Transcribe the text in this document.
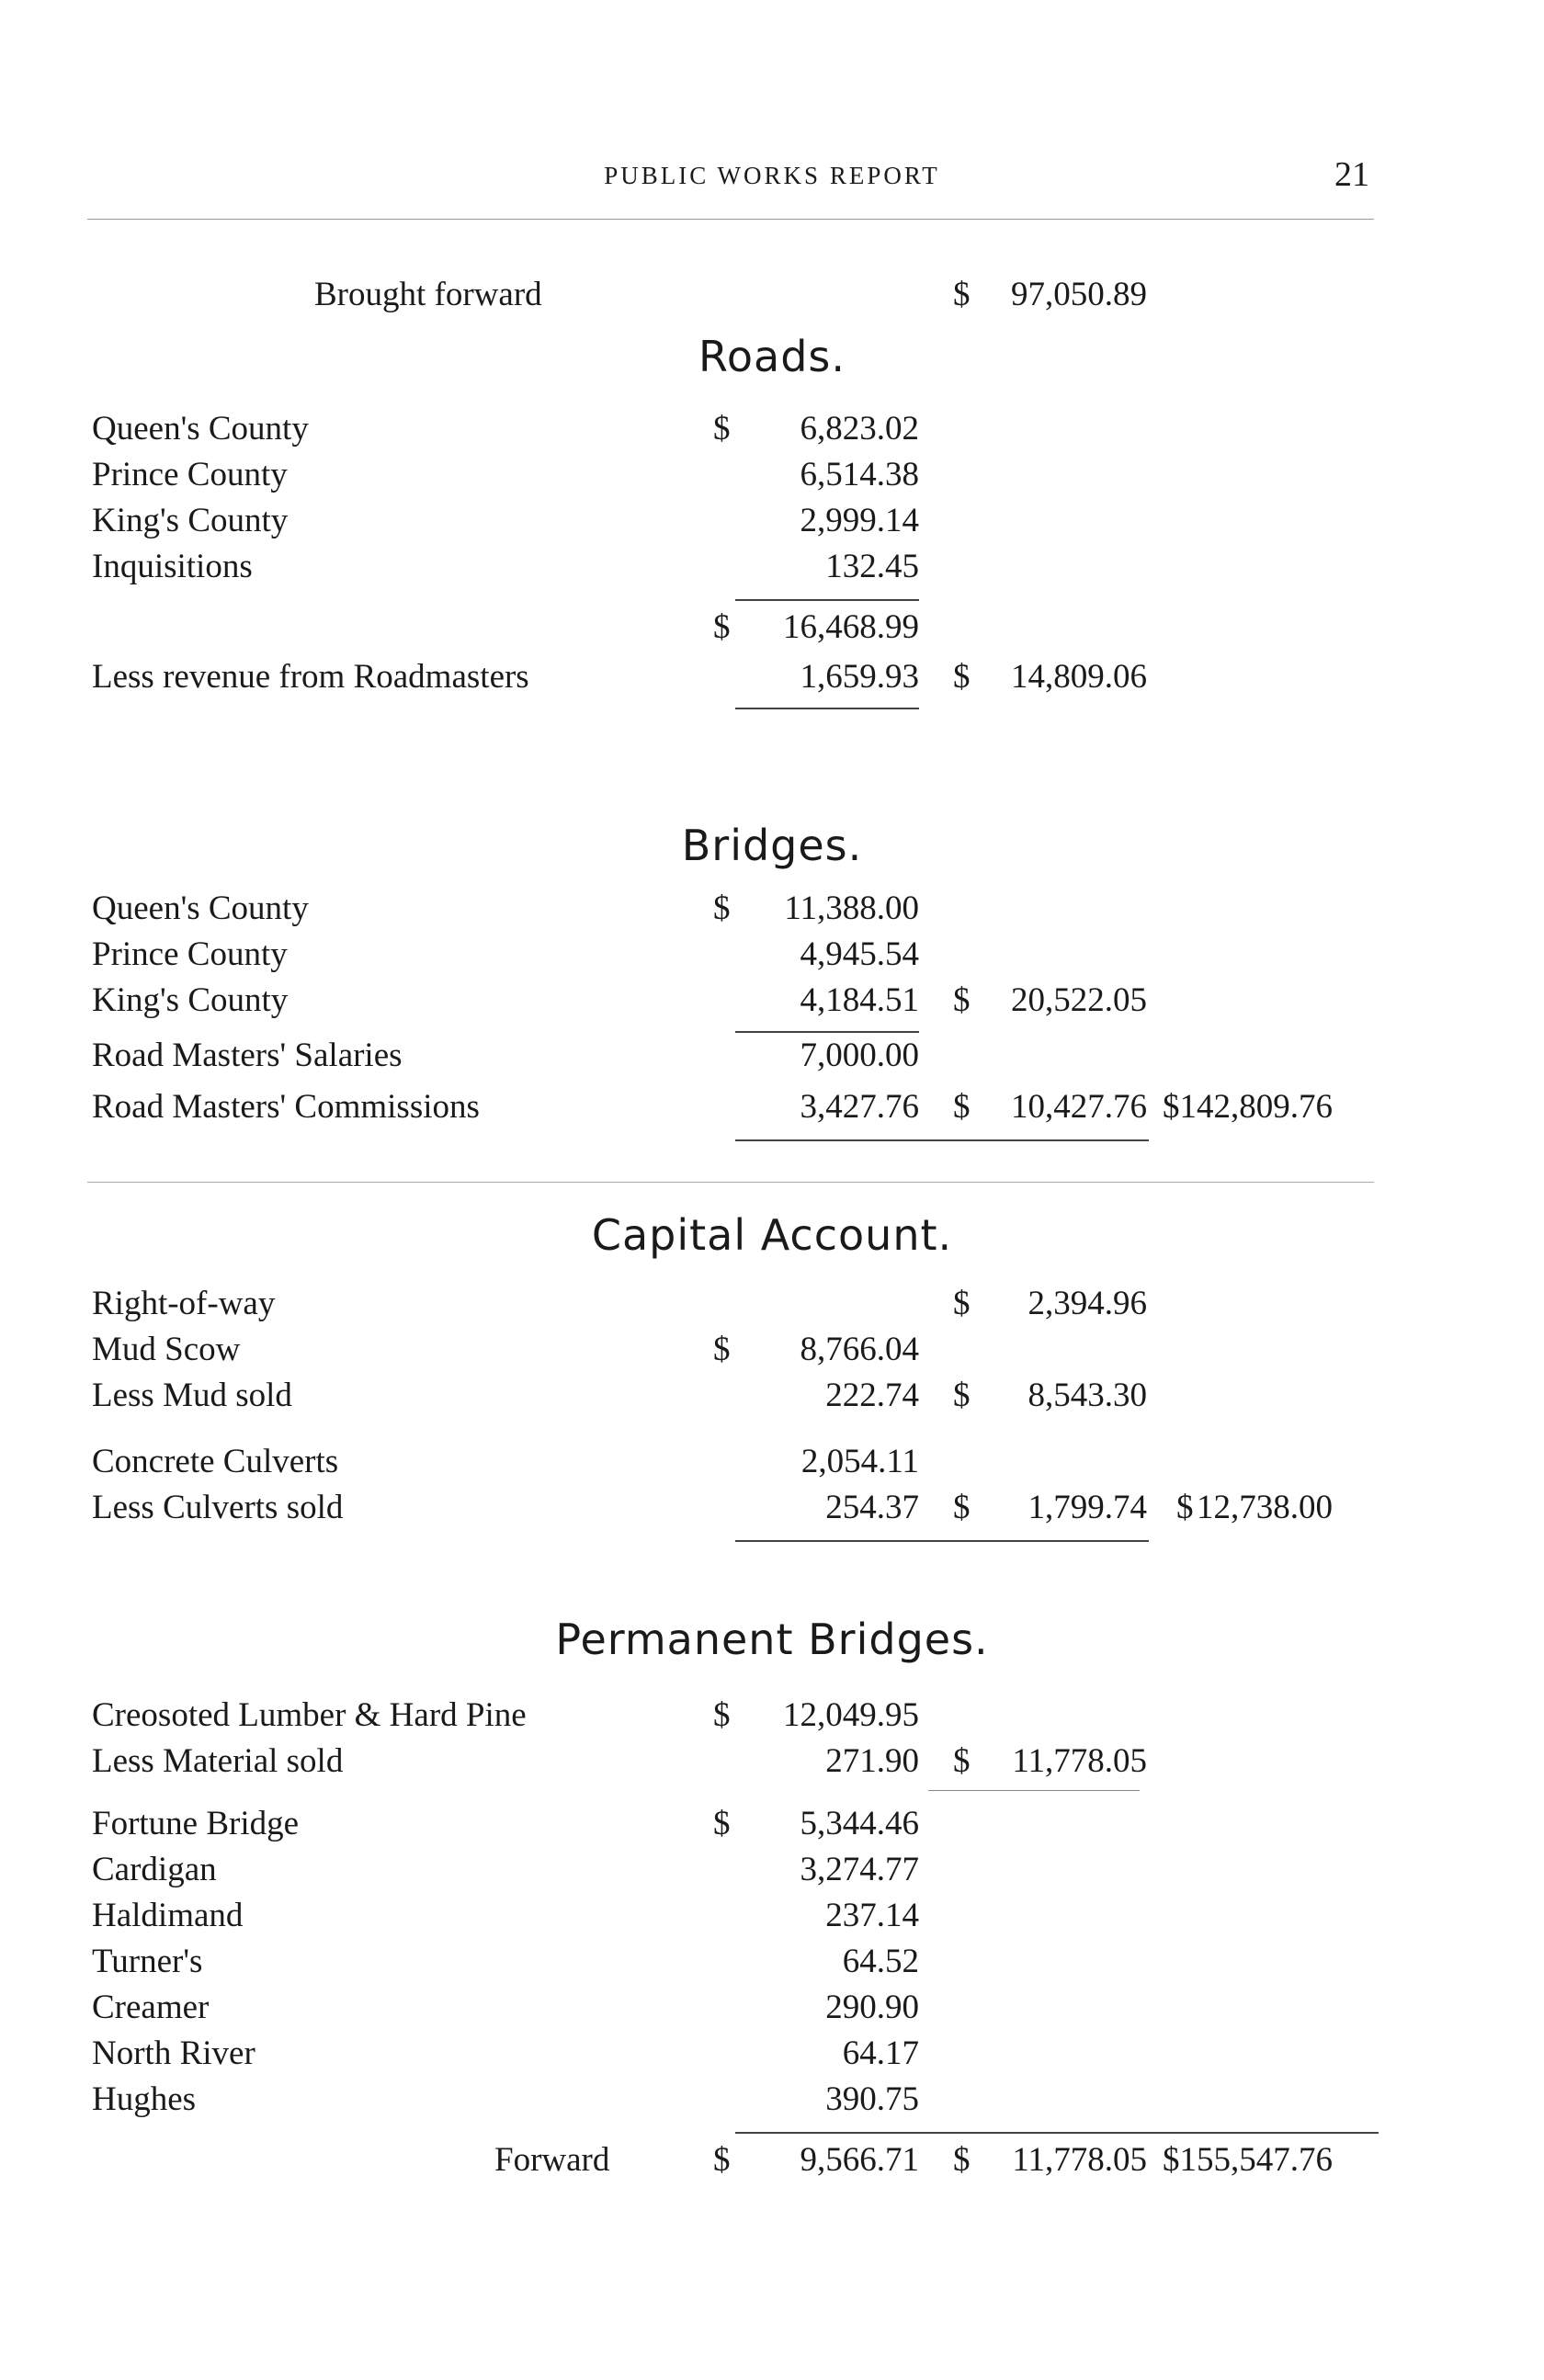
PUBLIC WORKS REPORT	21
Brought forward	$ 97,050.89
Roads.
Queen's County	$ 6,823.02
Prince County	6,514.38
King's County	2,999.14
Inquisitions	132.45
$ 16,468.99
Less revenue from Roadmasters	1,659.93 $ 14,809.06
Bridges.
Queen's County	$ 11,388.00
Prince County	4,945.54
King's County	4,184.51 $ 20,522.05
Road Masters' Salaries	7,000.00
Road Masters' Commissions	3,427.76 $ 10,427.76 $142,809.76
Capital Account.
Right-of-way	$ 2,394.96
Mud Scow	$ 8,766.04
Less Mud sold	222.74 $ 8,543.30
Concrete Culverts	2,054.11
Less Culverts sold	254.37 $ 1,799.74 $ 12,738.00
Permanent Bridges.
Creosoted Lumber & Hard Pine	$ 12,049.95
Less Material sold	271.90 $ 11,778.05
Fortune Bridge	$ 5,344.46
Cardigan	3,274.77
Haldimand	237.14
Turner's	64.52
Creamer	290.90
North River	64.17
Hughes	390.75
Forward	$ 9,566.71 $ 11,778.05 $155,547.76
